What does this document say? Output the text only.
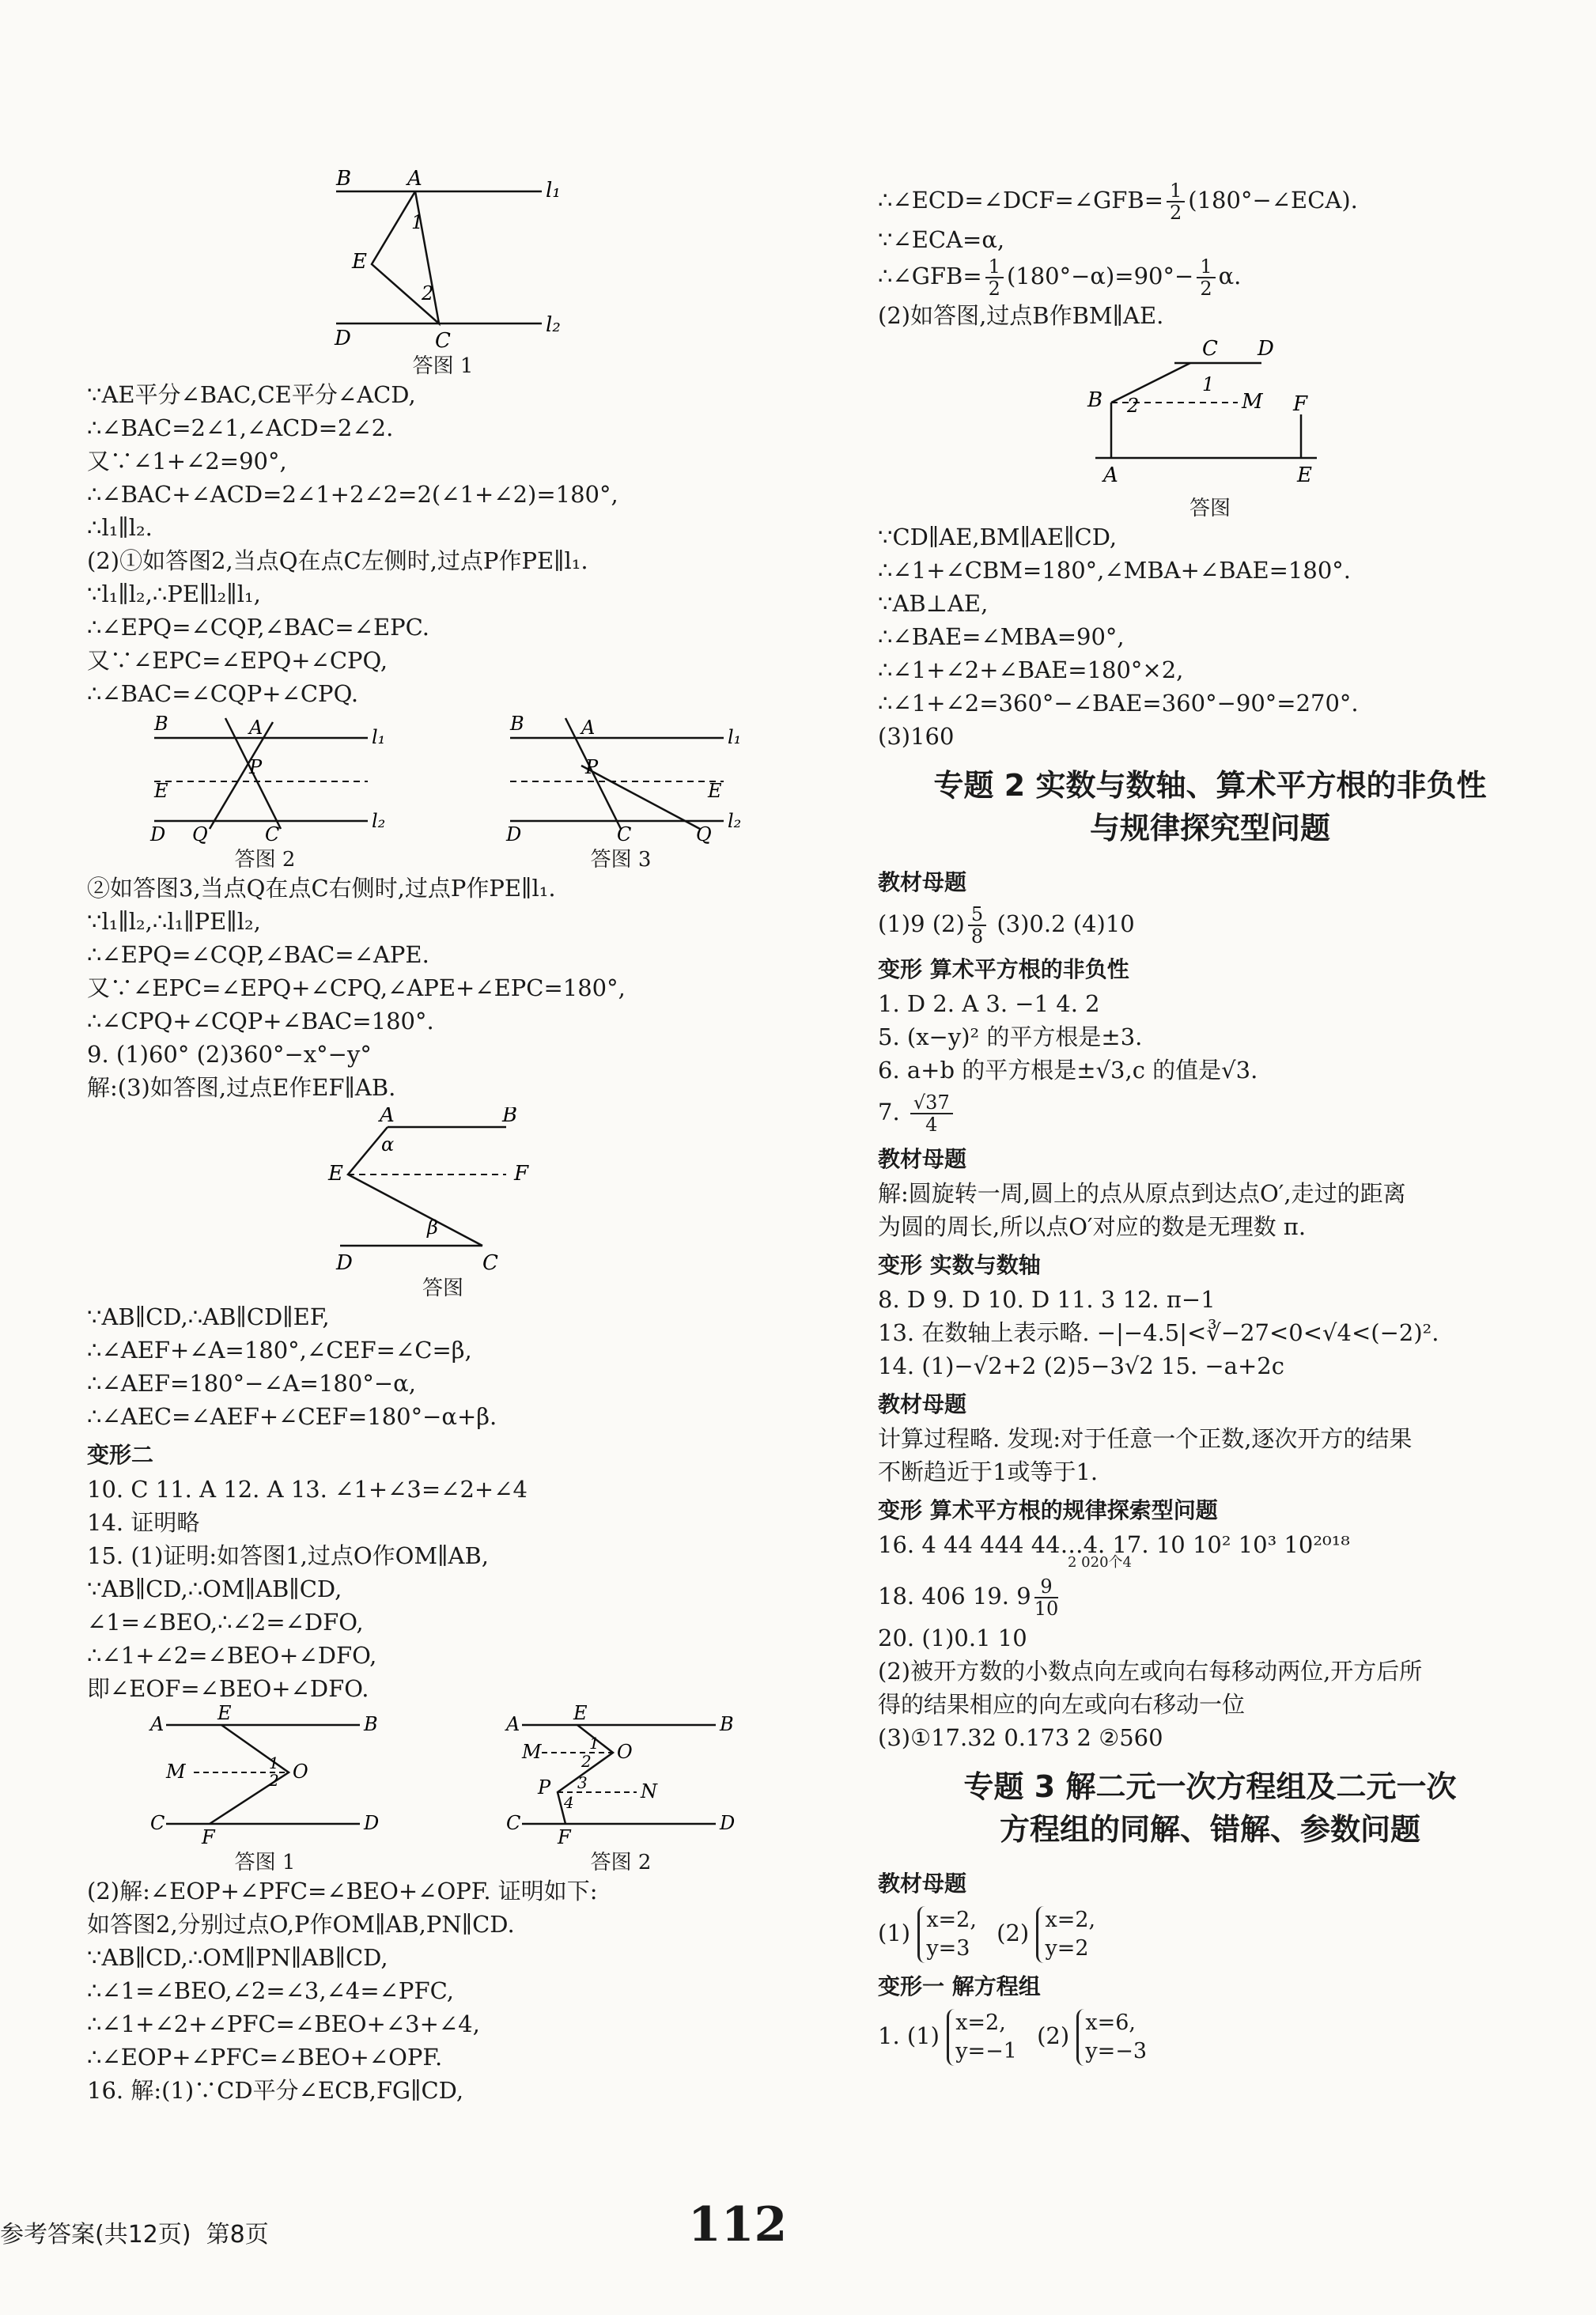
B	A	l₁
l₂
E
1
2
D	C
答图 1
∵AE平分∠BAC,CE平分∠ACD,
∴∠BAC=2∠1,∠ACD=2∠2.
又∵∠1+∠2=90°,
∴∠BAC+∠ACD=2∠1+2∠2=2(∠1+∠2)=180°,
∴l₁∥l₂.
(2)①如答图2,当点Q在点C左侧时,过点P作PE∥l₁.
∵l₁∥l₂,∴PE∥l₂∥l₁,
∴∠EPQ=∠CQP,∠BAC=∠EPC.
又∵∠EPC=∠EPQ+∠CPQ,
∴∠BAC=∠CQP+∠CPQ.
B	A
P
E
l₁
l₂
D Q	C
答图 2
B	A
P
E
l₁
l₂
D	C	Q
答图 3
②如答图3,当点Q在点C右侧时,过点P作PE∥l₁.
∵l₁∥l₂,∴l₁∥PE∥l₂,
∴∠EPQ=∠CQP,∠BAC=∠APE.
又∵∠EPC=∠EPQ+∠CPQ,∠APE+∠EPC=180°,
∴∠CPQ+∠CQP+∠BAC=180°.
9. (1)60° (2)360°−x°−y°
解:(3)如答图,过点E作EF∥AB.
A	B
E	F
α
β
D	C
答图
∵AB∥CD,∴AB∥CD∥EF,
∴∠AEF+∠A=180°,∠CEF=∠C=β,
∴∠AEF=180°−∠A=180°−α,
∴∠AEC=∠AEF+∠CEF=180°−α+β.
变形二
10. C 11. A 12. A 13. ∠1+∠3=∠2+∠4
14. 证明略
15. (1)证明:如答图1,过点O作OM∥AB,
∵AB∥CD,∴OM∥AB∥CD,
∠1=∠BEO,∴∠2=∠DFO,
∴∠1+∠2=∠BEO+∠DFO,
即∠EOF=∠BEO+∠DFO.
A	E	B
M	O
1
2
C
F
D
答图 1
A	E	B
M	O
P	N
1
2
3
4
C
F
D
答图 2
(2)解:∠EOP+∠PFC=∠BEO+∠OPF. 证明如下:
如答图2,分别过点O,P作OM∥AB,PN∥CD.
∵AB∥CD,∴OM∥PN∥AB∥CD,
∴∠1=∠BEO,∠2=∠3,∠4=∠PFC,
∴∠1+∠2+∠PFC=∠BEO+∠3+∠4,
∴∠EOP+∠PFC=∠BEO+∠OPF.
16. 解:(1)∵CD平分∠ECB,FG∥CD,
∴∠ECD=∠DCF=∠GFB= $\frac{1}{2}$ (180°−∠ECA).
∵∠ECA=α,
∴∠GFB= $\frac{1}{2} (180^\circ-\alpha)=90^\circ- \frac{1}{2} \alpha$.
(2)如答图,过点B作BM∥AE.
C D
B 2
1
M F
A	E
答图
∵CD∥AE,BM∥AE∥CD,
∴∠1+∠CBM=180°,∠MBA+∠BAE=180°.
∵AB⊥AE,
∴∠BAE=∠MBA=90°,
∴∠1+∠2+∠BAE=180°×2,
∴∠1+∠2=360°−∠BAE=360°−90°=270°.
(3)160
专题 2 实数与数轴、算术平方根的非负性
与规律探究型问题
教材母题
(1)9 $(2) \frac{5}{8} (3)0.2$ (4)10
变形 算术平方根的非负性
1. D 2. A 3. −1 4. 2
5. (x−y)² 的平方根是±3.
6. a+b 的平方根是±√3,c 的值是√3.
7. $\frac{√37}{4}$
教材母题
解:圆旋转一周,圆上的点从原点到达点O′,走过的距离
为圆的周长,所以点O′对应的数是无理数 π.
变形 实数与数轴
8. D 9. D 10. D 11. 3 12. π−1
13. 在数轴上表示略. −|−4.5|<∛−27<0<√4<(−2)².
14. (1)−√2+2 (2)5−3√2 15. −a+2c
教材母题
计算过程略. 发现:对于任意一个正数,逐次开方的结果
不断趋近于1或等于1.
变形 算术平方根的规律探索型问题
16. 4 44 444 44…4. 17. 10 10² 10³ 10²⁰¹⁸
2 020个4
18. 406 19. $9 \frac{9}{10}$
20. (1)0.1 10
(2)被开方数的小数点向左或向右每移动两位,开方后所
得的结果相应的向左或向右移动一位
(3)①17.32 0.173 2 ②560
专题 3 解二元一次方程组及二元一次
方程组的同解、错解、参数问题
教材母题
(1) x=2,
y=3
(2) x=2,
y=2
变形一 解方程组
1. (1) x=2,
y=−1
(2) x=6,
y=−3
参考答案(共12页)  第8页	112
